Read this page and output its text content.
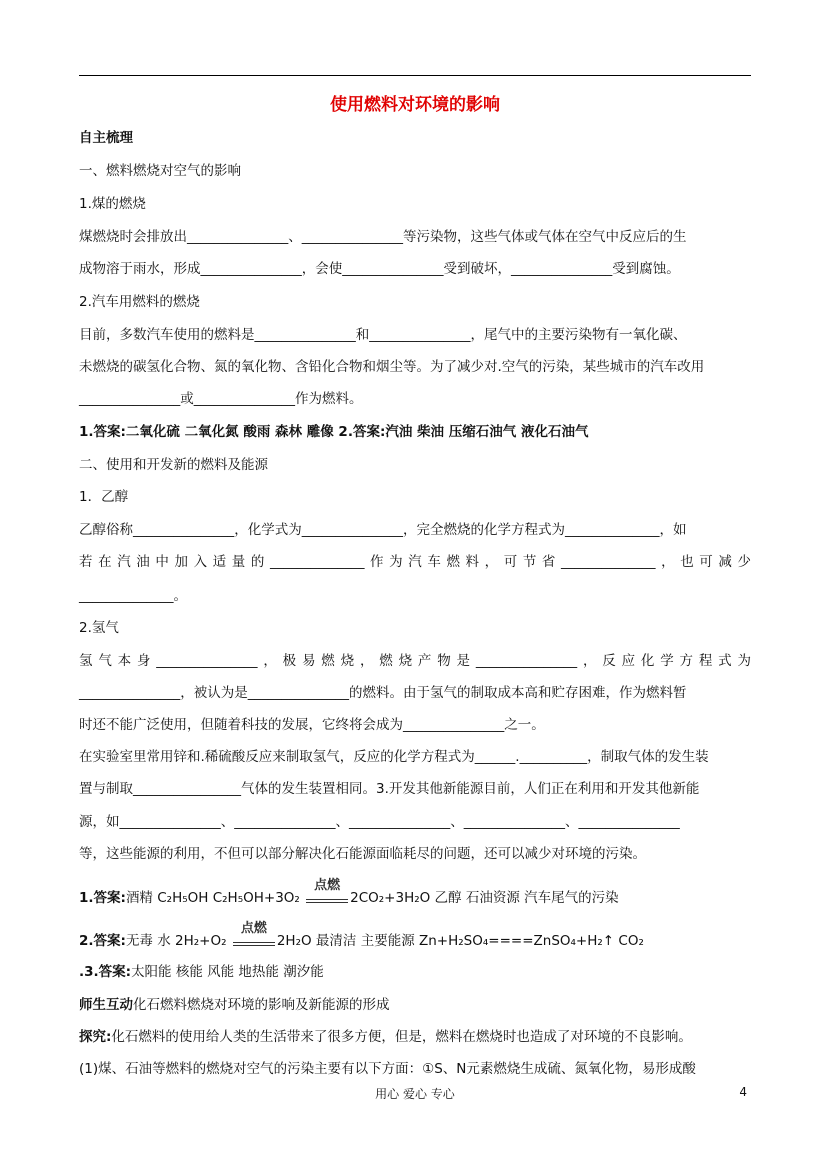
使用燃料对环境的影响
自主梳理
一、燃料燃烧对空气的影响
1.煤的燃烧
煤燃烧时会排放出_______________、_______________等污染物，这些气体或气体在空气中反应后的生
成物溶于雨水，形成_______________，会使_______________受到破坏，_______________受到腐蚀。
2.汽车用燃料的燃烧
目前，多数汽车使用的燃料是_______________和_______________，尾气中的主要污染物有一氧化碳、
未燃烧的碳氢化合物、氮的氧化物、含铅化合物和烟尘等。为了减少对.空气的污染，某些城市的汽车改用
_______________或_______________作为燃料。
1.答案:二氧化硫 二氧化氮 酸雨 森林 雕像 2.答案:汽油 柴油 压缩石油气 液化石油气
二、使用和开发新的燃料及能源
1．乙醇
乙醇俗称_______________，化学式为_______________，完全燃烧的化学方程式为______________，如
若在汽油中加入适量的______________作为汽车燃料，可节省______________，也可减少
______________。
2.氢气
氢气本身_______________，极易燃烧，燃烧产物是_______________，反应化学方程式为
_______________，被认为是_______________的燃料。由于氢气的制取成本高和贮存困难，作为燃料暂
时还不能广泛使用，但随着科技的发展，它终将会成为_______________之一。
在实验室里常用锌和.稀硫酸反应来制取氢气，反应的化学方程式为______.__________，制取气体的发生装
置与制取________________气体的发生装置相同。3.开发其他新能源目前，人们正在利用和开发其他新能
源，如_______________、_______________、_______________、_______________、_______________
等，这些能源的利用，不但可以部分解决化石能源面临耗尽的问题，还可以减少对环境的污染。
1.答案:酒精 C₂H₅OH C₂H₅OH+3O₂
点燃
2CO₂+3H₂O 乙醇 石油资源 汽车尾气的污染
2.答案:无毒 水 2H₂+O₂
点燃
2H₂O 最清洁 主要能源 Zn+H₂SO₄====ZnSO₄+H₂↑ CO₂
.3.答案:太阳能 核能 风能 地热能 潮汐能
师生互动化石燃料燃烧对环境的影响及新能源的形成
探究:化石燃料的使用给人类的生活带来了很多方便，但是，燃料在燃烧时也造成了对环境的不良影响。
(1)煤、石油等燃料的燃烧对空气的污染主要有以下方面：①S、N元素燃烧生成硫、氮氧化物，易形成酸
用心 爱心 专心	4
